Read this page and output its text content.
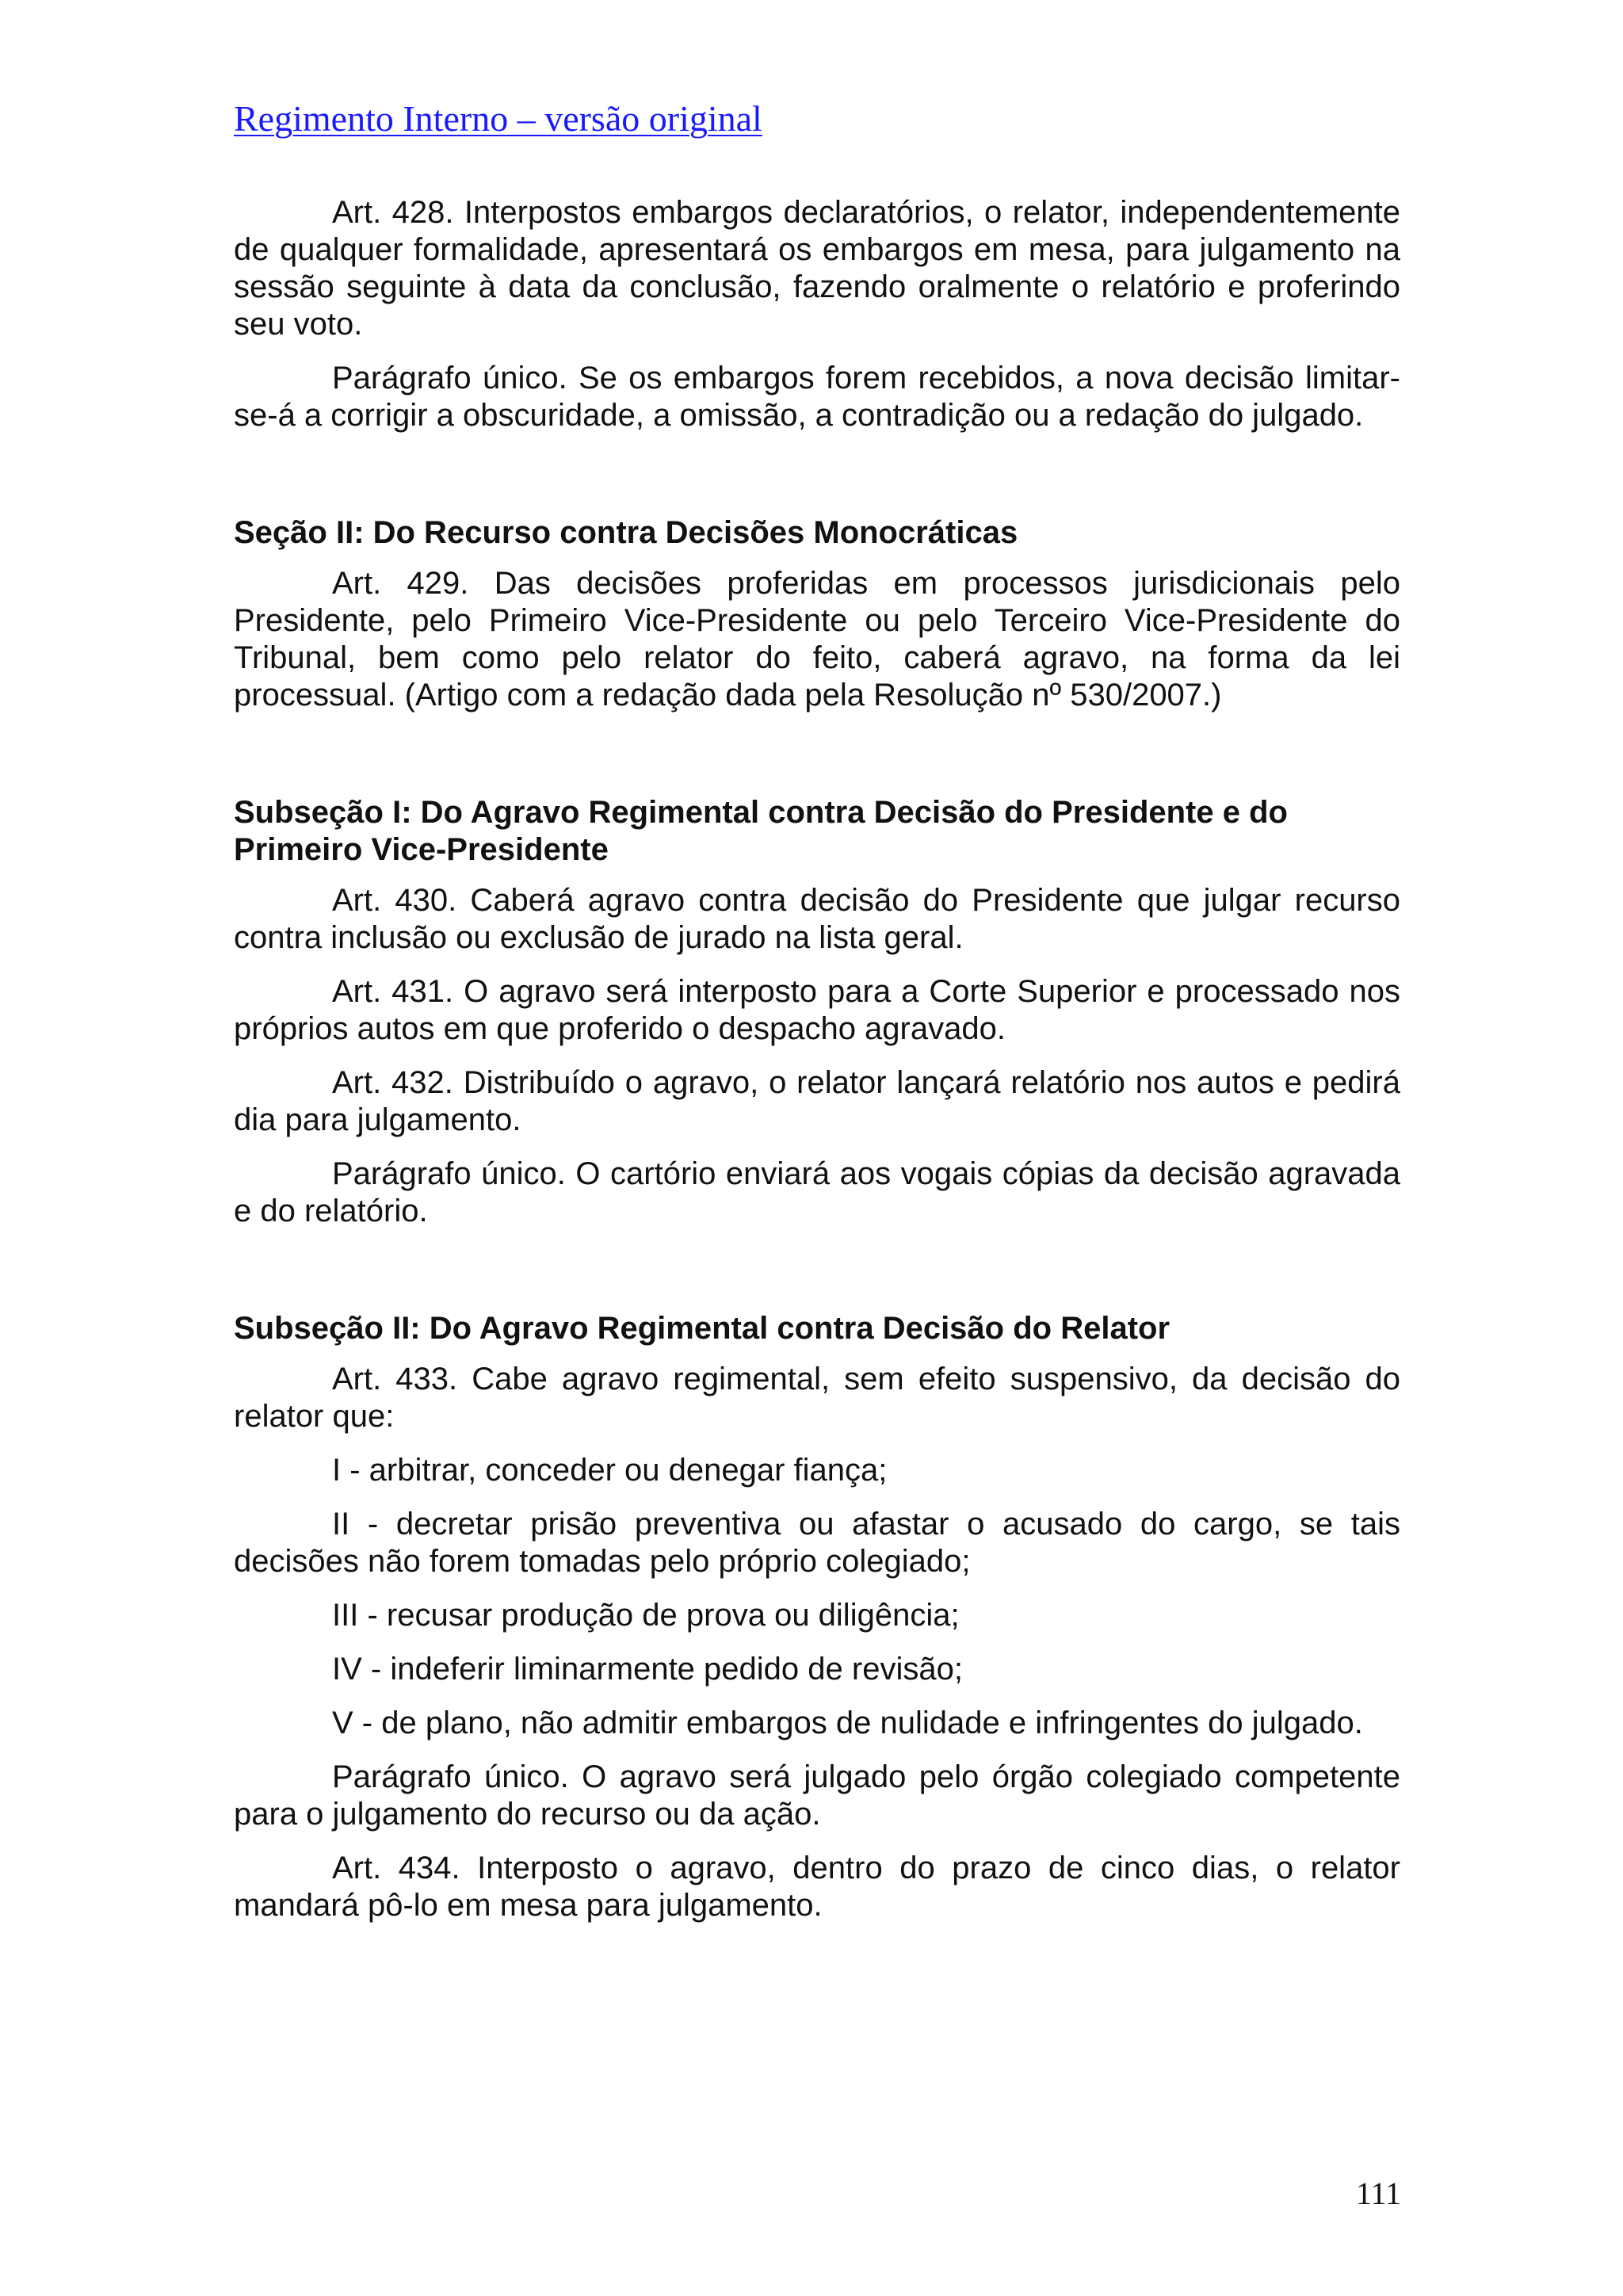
Regimento Interno – versão original

Art. 428. Interpostos embargos declaratórios, o relator, independentemente de qualquer formalidade, apresentará os embargos em mesa, para julgamento na sessão seguinte à data da conclusão, fazendo oralmente o relatório e proferindo seu voto.

Parágrafo único. Se os embargos forem recebidos, a nova decisão limitar-se-á a corrigir a obscuridade, a omissão, a contradição ou a redação do julgado.

Seção II: Do Recurso contra Decisões Monocráticas

Art. 429. Das decisões proferidas em processos jurisdicionais pelo Presidente, pelo Primeiro Vice-Presidente ou pelo Terceiro Vice-Presidente do Tribunal, bem como pelo relator do feito, caberá agravo, na forma da lei processual. (Artigo com a redação dada pela Resolução nº 530/2007.)

Subseção I: Do Agravo Regimental contra Decisão do Presidente e do Primeiro Vice-Presidente

Art. 430. Caberá agravo contra decisão do Presidente que julgar recurso contra inclusão ou exclusão de jurado na lista geral.

Art. 431. O agravo será interposto para a Corte Superior e processado nos próprios autos em que proferido o despacho agravado.

Art. 432. Distribuído o agravo, o relator lançará relatório nos autos e pedirá dia para julgamento.

Parágrafo único. O cartório enviará aos vogais cópias da decisão agravada e do relatório.

Subseção II: Do Agravo Regimental contra Decisão do Relator

Art. 433. Cabe agravo regimental, sem efeito suspensivo, da decisão do relator que:

I - arbitrar, conceder ou denegar fiança;

II - decretar prisão preventiva ou afastar o acusado do cargo, se tais decisões não forem tomadas pelo próprio colegiado;

III - recusar produção de prova ou diligência;

IV - indeferir liminarmente pedido de revisão;

V - de plano, não admitir embargos de nulidade e infringentes do julgado.

Parágrafo único. O agravo será julgado pelo órgão colegiado competente para o julgamento do recurso ou da ação.

Art. 434. Interposto o agravo, dentro do prazo de cinco dias, o relator mandará pô-lo em mesa para julgamento.

111
